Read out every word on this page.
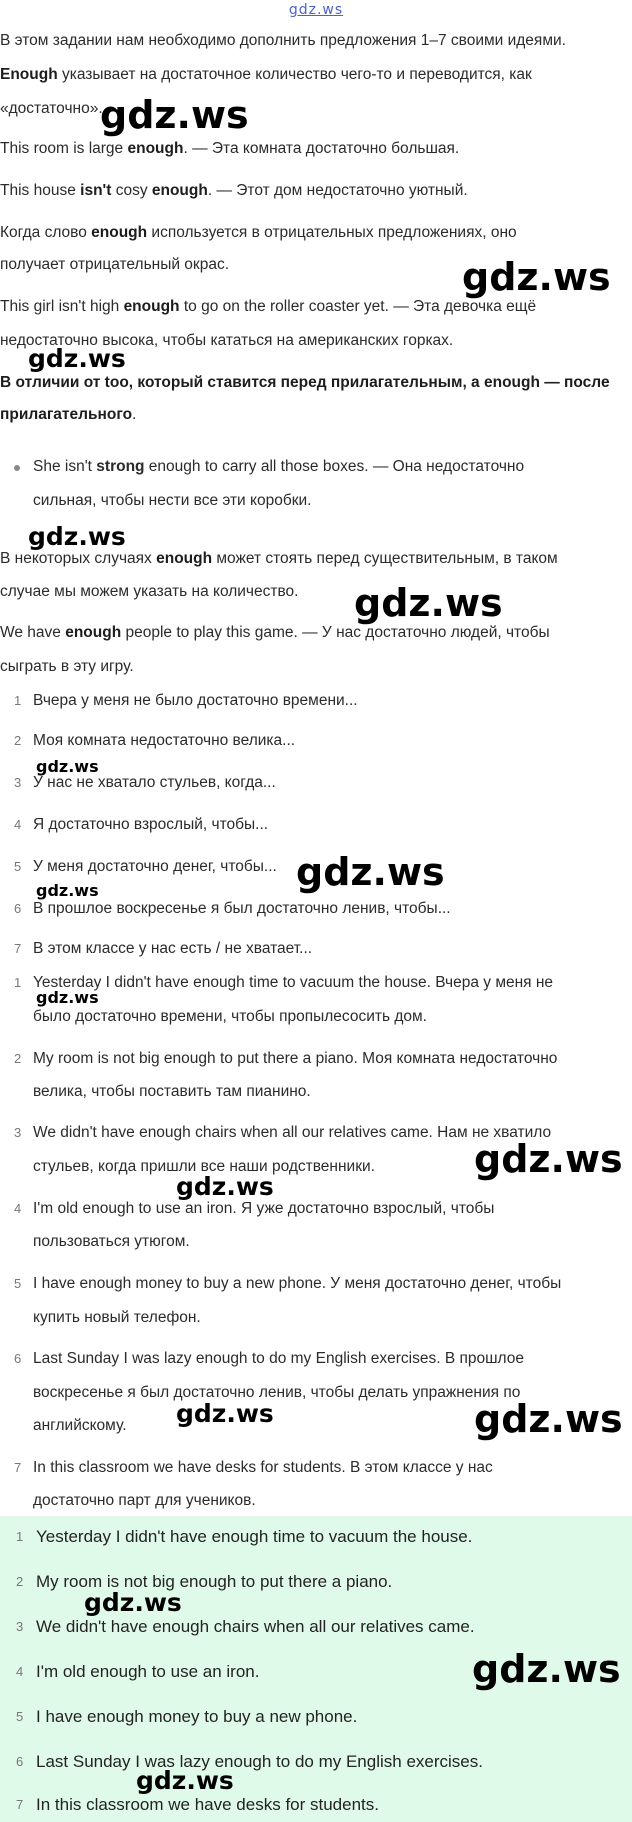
gdz.ws
В этом задании нам необходимо дополнить предложения 1–7 своими идеями.
Enough указывает на достаточное количество чего-то и переводится, как
«достаточно».
This room is large enough. — Эта комната достаточно большая.
This house isn't cosy enough. — Этот дом недостаточно уютный.
Когда слово enough используется в отрицательных предложениях, оно
получает отрицательный окрас.
This girl isn't high enough to go on the roller coaster yet. — Эта девочка ещё
недостаточно высока, чтобы кататься на американских горках.
В отличии от too, который ставится перед прилагательным, a enough — после
прилагательного.
She isn't strong enough to carry all those boxes. — Она недостаточно
сильная, чтобы нести все эти коробки.
В некоторых случаях enough может стоять перед существительным, в таком
случае мы можем указать на количество.
We have enough people to play this game. — У нас достаточно людей, чтобы
сыграть в эту игру.
1 Вчера у меня не было достаточно времени...
2 Моя комната недостаточно велика...
3 У нас не хватало стульев, когда...
4 Я достаточно взрослый, чтобы...
5 У меня достаточно денег, чтобы...
6 В прошлое воскресенье я был достаточно ленив, чтобы...
7 В этом классе у нас есть / не хватает...
1 Yesterday I didn't have enough time to vacuum the house. Вчера у меня не
было достаточно времени, чтобы пропылесосить дом.
2 My room is not big enough to put there a piano. Моя комната недостаточно
велика, чтобы поставить там пианино.
3 We didn't have enough chairs when all our relatives came. Нам не хватило
стульев, когда пришли все наши родственники.
4 I'm old enough to use an iron. Я уже достаточно взрослый, чтобы
пользоваться утюгом.
5 I have enough money to buy a new phone. У меня достаточно денег, чтобы
купить новый телефон.
6 Last Sunday I was lazy enough to do my English exercises. В прошлое
воскресенье я был достаточно ленив, чтобы делать упражнения по
английскому.
7 In this classroom we have desks for students. В этом классе у нас
достаточно парт для учеников.
1 Yesterday I didn't have enough time to vacuum the house.
2 My room is not big enough to put there a piano.
3 We didn't have enough chairs when all our relatives came.
4 I'm old enough to use an iron.
5 I have enough money to buy a new phone.
6 Last Sunday I was lazy enough to do my English exercises.
7 In this classroom we have desks for students.
gdz.ws
gdz.ws
gdz.ws
gdz.ws
gdz.ws
gdz.ws
gdz.ws
gdz.ws
gdz.ws
gdz.ws
gdz.ws
gdz.ws	gdz.ws
gdz.ws
gdz.ws
gdz.ws
